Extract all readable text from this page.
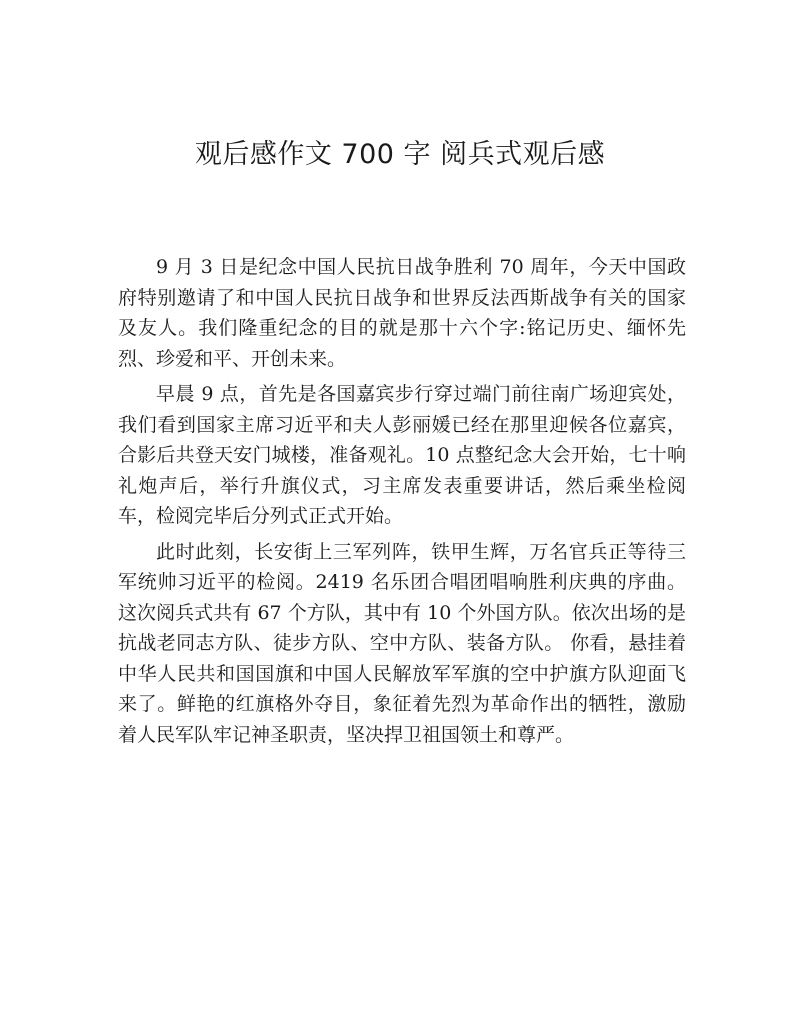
观后感作文 700 字 阅兵式观后感

9 月 3 日是纪念中国人民抗日战争胜利 70 周年，今天中国政府特别邀请了和中国人民抗日战争和世界反法西斯战争有关的国家及友人。我们隆重纪念的目的就是那十六个字:铭记历史、缅怀先烈、珍爱和平、开创未来。

早晨 9 点，首先是各国嘉宾步行穿过端门前往南广场迎宾处，我们看到国家主席习近平和夫人彭丽媛已经在那里迎候各位嘉宾，合影后共登天安门城楼，准备观礼。10 点整纪念大会开始，七十响礼炮声后，举行升旗仪式，习主席发表重要讲话，然后乘坐检阅车，检阅完毕后分列式正式开始。

此时此刻，长安街上三军列阵，铁甲生辉，万名官兵正等待三军统帅习近平的检阅。2419 名乐团合唱团唱响胜利庆典的序曲。 这次阅兵式共有 67 个方队，其中有 10 个外国方队。依次出场的是抗战老同志方队、徒步方队、空中方队、装备方队。 你看，悬挂着中华人民共和国国旗和中国人民解放军军旗的空中护旗方队迎面飞来了。鲜艳的红旗格外夺目，象征着先烈为革命作出的牺牲，激励着人民军队牢记神圣职责，坚决捍卫祖国领土和尊严。
